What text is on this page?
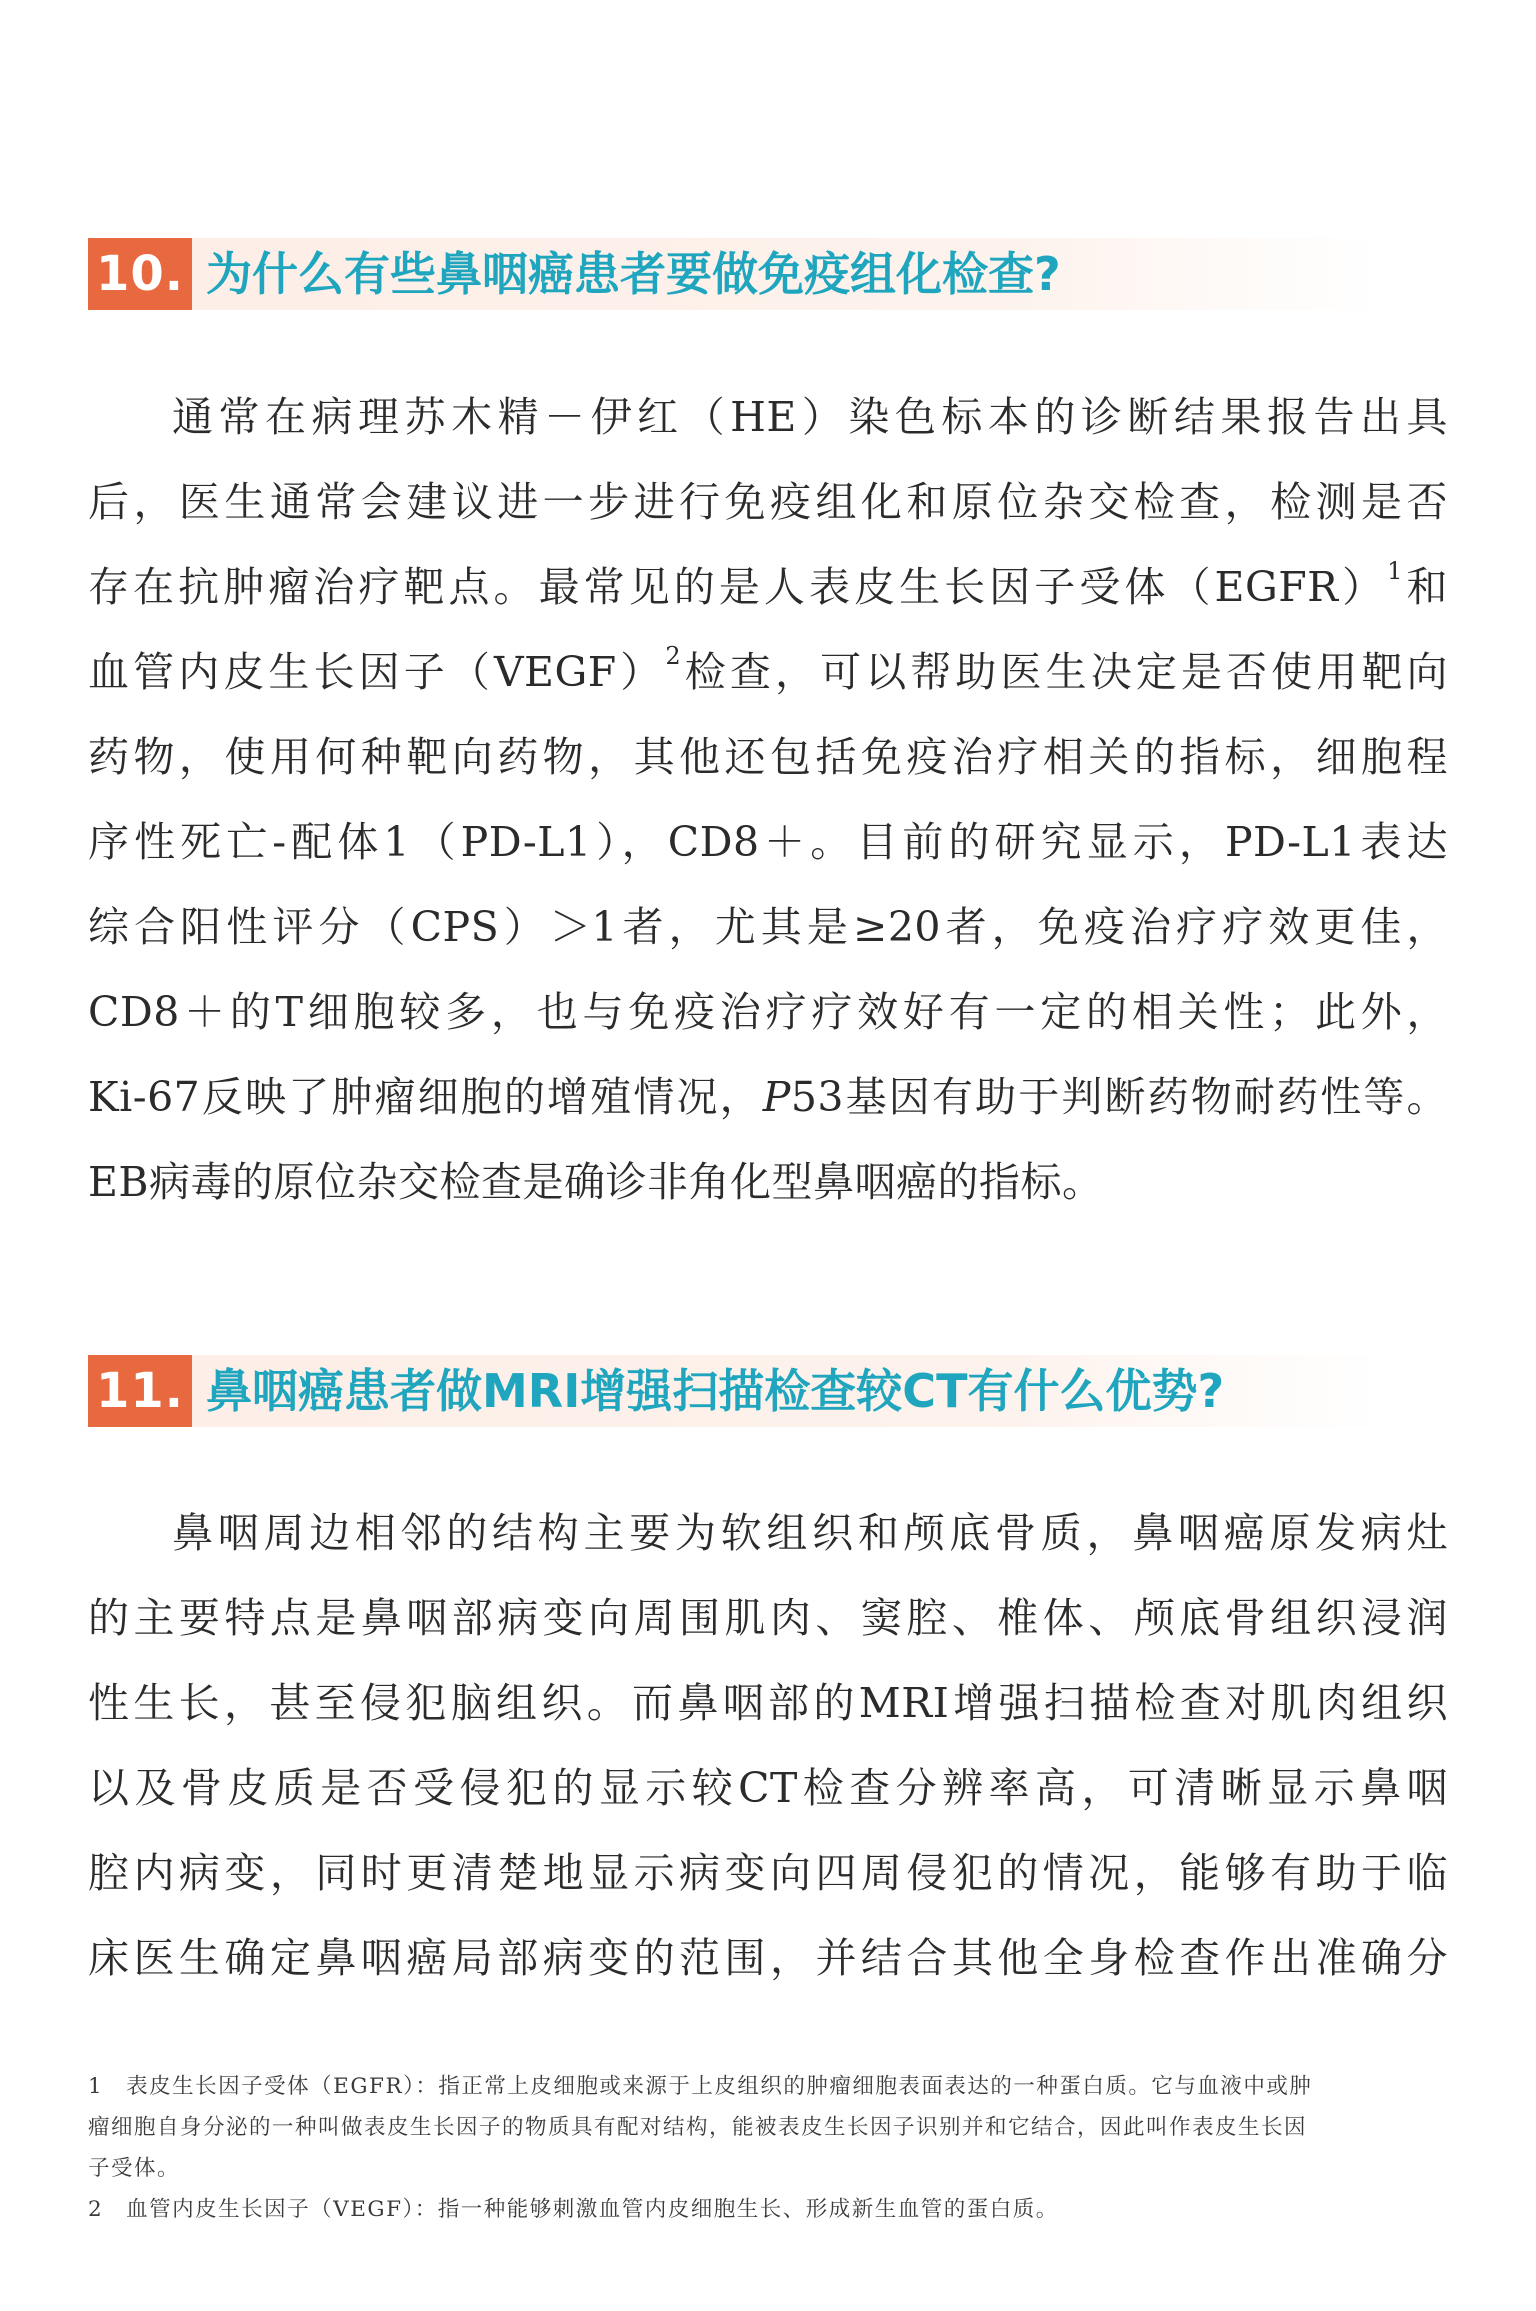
10. 为什么有些鼻咽癌患者要做免疫组化检查?
通常在病理苏木精－伊红（HE）染色标本的诊断结果报告出具
后，医生通常会建议进一步进行免疫组化和原位杂交检查，检测是否
存在抗肿瘤治疗靶点。最常见的是人表皮生长因子受体（EGFR）$^1$和
血管内皮生长因子（VEGF）$^2$检查，可以帮助医生决定是否使用靶向
药物，使用何种靶向药物，其他还包括免疫治疗相关的指标，细胞程
序性死亡-配体1（PD-L1），CD8＋。目前的研究显示，PD-L1表达
综合阳性评分（CPS）＞1者，尤其是≥20者，免疫治疗疗效更佳，
CD8＋的T细胞较多，也与免疫治疗疗效好有一定的相关性；此外，
Ki-67反映了肿瘤细胞的增殖情况，P53基因有助于判断药物耐药性等。
EB病毒的原位杂交检查是确诊非角化型鼻咽癌的指标。
11. 鼻咽癌患者做MRI增强扫描检查较CT有什么优势?
鼻咽周边相邻的结构主要为软组织和颅底骨质，鼻咽癌原发病灶
的主要特点是鼻咽部病变向周围肌肉、窦腔、椎体、颅底骨组织浸润
性生长，甚至侵犯脑组织。而鼻咽部的MRI增强扫描检查对肌肉组织
以及骨皮质是否受侵犯的显示较CT检查分辨率高，可清晰显示鼻咽
腔内病变，同时更清楚地显示病变向四周侵犯的情况，能够有助于临
床医生确定鼻咽癌局部病变的范围，并结合其他全身检查作出准确分
1　表皮生长因子受体（EGFR）：指正常上皮细胞或来源于上皮组织的肿瘤细胞表面表达的一种蛋白质。它与血液中或肿
瘤细胞自身分泌的一种叫做表皮生长因子的物质具有配对结构，能被表皮生长因子识别并和它结合，因此叫作表皮生长因
子受体。
2　血管内皮生长因子（VEGF）：指一种能够刺激血管内皮细胞生长、形成新生血管的蛋白质。
